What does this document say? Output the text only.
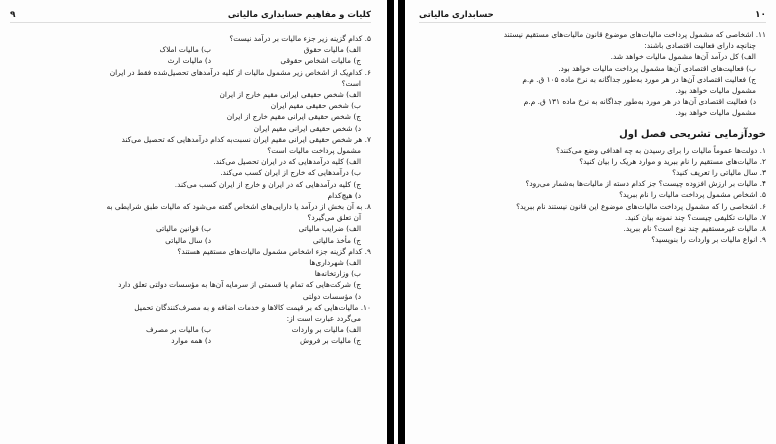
کلیات و مفاهیم حسابداری مالیاتی
۹
۵. کدام گزینه زیر جزء مالیات بر درآمد نیست؟
الف) مالیات حقوق
ب) مالیات املاک
ج) مالیات اشخاص حقوقی
د) مالیات ارث
۶. کدام‌یک از اشخاص زیر مشمول مالیات از کلیه درآمدهای تحصیل‌شده فقط در ایران
است؟
الف) شخص حقیقی ایرانی مقیم خارج از ایران
ب) شخص حقیقی مقیم ایران
ج) شخص حقیقی ایرانی مقیم خارج از ایران
د) شخص حقیقی ایرانی مقیم ایران
۷. هر شخص حقیقی ایرانی مقیم ایران نسبت‌به کدام درآمدهایی که تحصیل می‌کند
مشمول پرداخت مالیات است؟
الف) کلیه درآمدهایی که در ایران تحصیل می‌کند.
ب) درآمدهایی که خارج از ایران کسب می‌کند.
ج) کلیه درآمدهایی که در ایران و خارج از ایران کسب می‌کند.
د) هیچ‌کدام
۸. به آن بخش از درآمد یا دارایی‌های اشخاص گفته می‌شود که مالیات طبق شرایطی به
آن تعلق می‌گیرد؟
الف) ضرایب مالیاتی
ب) قوانین مالیاتی
ج) مأخذ مالیاتی
د) سال مالیاتی
۹. کدام گزینه جزء اشخاص مشمول مالیات‌های مستقیم هستند؟
الف) شهرداری‌ها
ب) وزارتخانه‌ها
ج) شرکت‌هایی که تمام یا قسمتی از سرمایه آن‌ها به مؤسسات دولتی تعلق دارد
د) مؤسسات دولتی
۱۰. مالیات‌هایی که بر قیمت کالاها و خدمات اضافه و به مصرف‌کنندگان تحمیل
می‌گردد عبارت است از:
الف) مالیات بر واردات
ب) مالیات بر مصرف
ج) مالیات بر فروش
د) همه موارد
۱۰
حسابداری مالیاتی
۱۱. اشخاصی که مشمول پرداخت مالیات‌های موضوع قانون مالیات‌های مستقیم نیستند
چنانچه دارای فعالیت اقتصادی باشند:
الف) کل درآمد آن‌ها مشمول مالیات خواهد شد.
ب) فعالیت‌های اقتصادی آن‌ها مشمول پرداخت مالیات خواهد بود.
ج) فعالیت اقتصادی آن‌ها در هر مورد به‌طور جداگانه به نرخ ماده ۱۰۵ ق. م.م
مشمول مالیات خواهد بود.
د) فعالیت اقتصادی آن‌ها در هر مورد به‌طور جداگانه به نرخ ماده ۱۳۱ ق. م.م
مشمول مالیات خواهد بود.
خودآزمایی تشریحی فصل اول
۱. دولت‌ها عموماً مالیات را برای رسیدن به چه اهدافی وضع می‌کنند؟
۲. مالیات‌های مستقیم را نام ببرید و موارد هریک را بیان کنید؟
۳. سال مالیاتی را تعریف کنید؟
۴. مالیات بر ارزش افزوده چیست؟ جز کدام دسته از مالیات‌ها به‌شمار می‌رود؟
۵. اشخاص مشمول پرداخت مالیات را نام ببرید؟
۶. اشخاصی را که مشمول پرداخت مالیات‌های موضوع این قانون نیستند نام ببرید؟
۷. مالیات تکلیفی چیست؟ چند نمونه بیان کنید.
۸. مالیات غیرمستقیم چند نوع است؟ نام ببرید.
۹. انواع مالیات بر واردات را بنویسید؟
